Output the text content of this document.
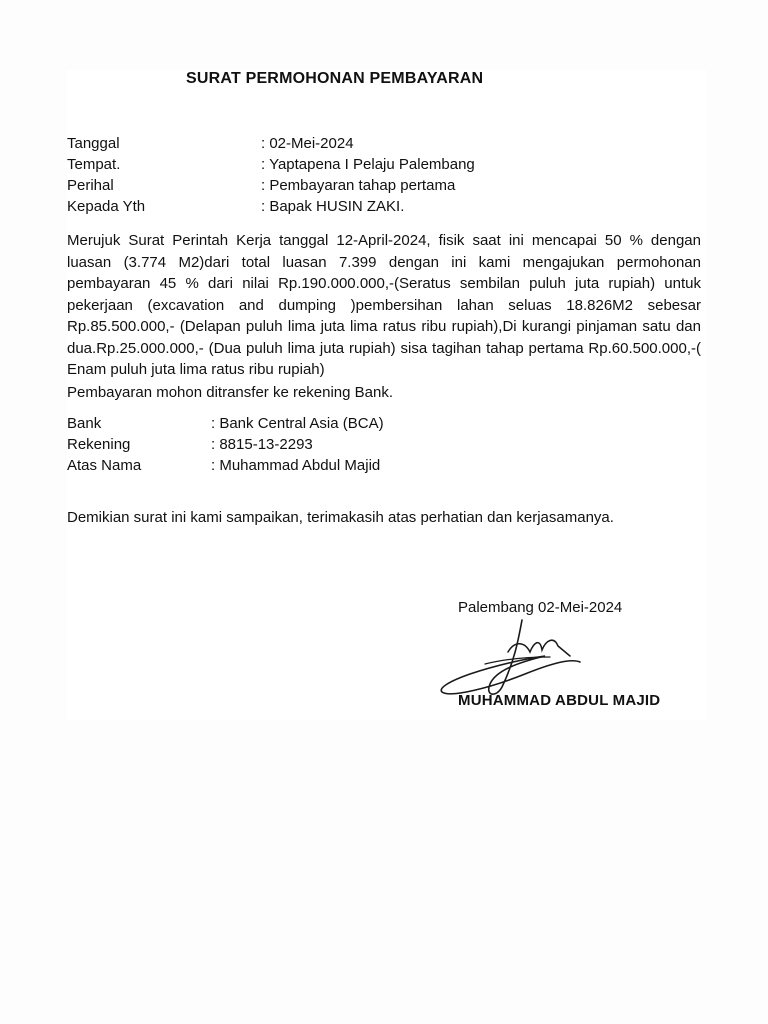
SURAT PERMOHONAN PEMBAYARAN
Tanggal	: 02-Mei-2024
Tempat.	: Yaptapena I Pelaju Palembang
Perihal	: Pembayaran tahap pertama
Kepada Yth	: Bapak HUSIN ZAKI.
Merujuk Surat Perintah Kerja tanggal 12-April-2024, fisik saat ini mencapai 50 % dengan luasan (3.774 M2)dari total luasan 7.399 dengan ini kami mengajukan permohonan pembayaran 45 % dari nilai Rp.190.000.000,-(Seratus sembilan puluh juta rupiah) untuk pekerjaan (excavation and dumping )pembersihan lahan seluas 18.826M2 sebesar Rp.85.500.000,- (Delapan puluh lima juta lima ratus ribu rupiah),Di kurangi pinjaman satu dan dua.Rp.25.000.000,- (Dua puluh lima juta rupiah) sisa tagihan tahap pertama Rp.60.500.000,-( Enam puluh juta lima ratus ribu rupiah)
Pembayaran mohon ditransfer ke rekening Bank.
Bank	: Bank Central Asia (BCA)
Rekening	: 8815-13-2293
Atas Nama	: Muhammad Abdul Majid
Demikian surat ini kami sampaikan, terimakasih atas perhatian dan kerjasamanya.
Palembang 02-Mei-2024
MUHAMMAD ABDUL MAJID
